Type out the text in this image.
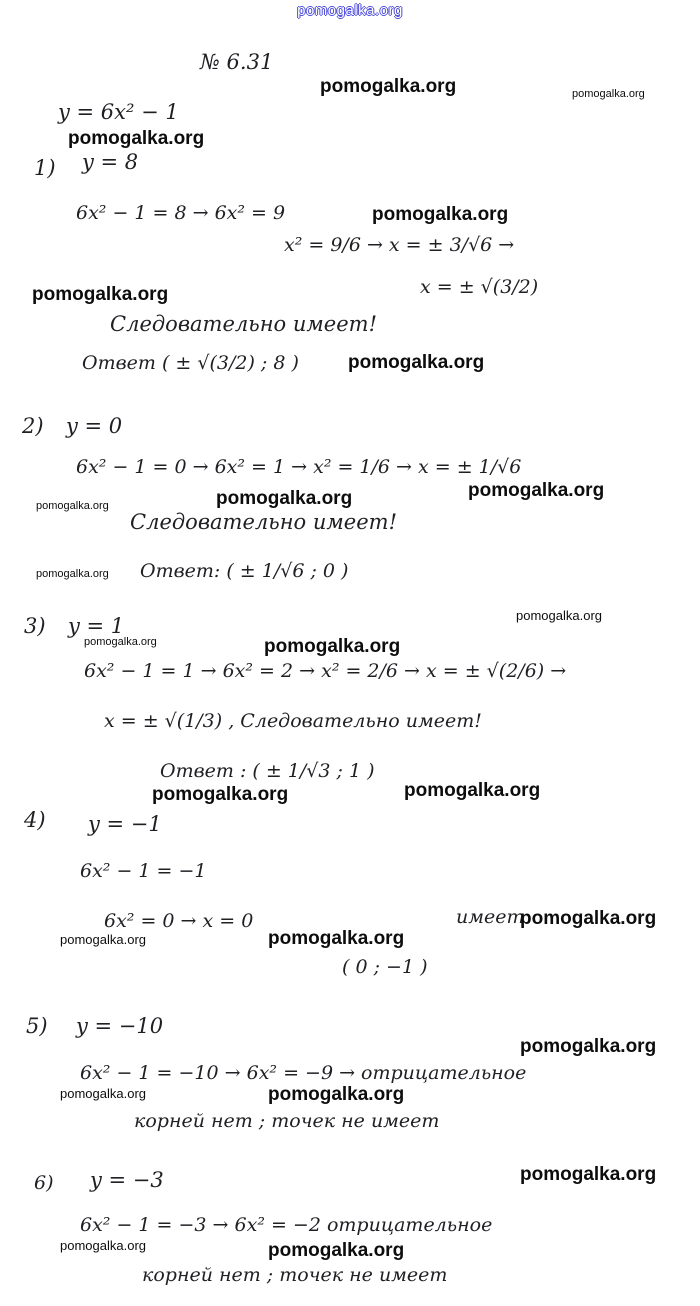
pomogalka.org
№ 6.31
y = 6x² − 1
1) y = 8
6x² − 1 = 8 → 6x² = 9
x² = 9/6 → x = ± 3/√6 →
x = ± √(3/2)
Следовательно имеет!
Ответ ( ± √(3/2) ; 8 )
2) y = 0
6x² − 1 = 0 → 6x² = 1 → x² = 1/6 → x = ± 1/√6
Следовательно имеет!
Ответ: ( ± 1/√6 ; 0 )
3) y = 1
6x² − 1 = 1 → 6x² = 2 → x² = 2/6 → x = ± √(2/6) →
x = ± √(1/3) , Следовательно имеет!
Ответ : ( ± 1/√3 ; 1 )
4) y = −1
6x² − 1 = −1
6x² = 0 → x = 0	имеет
( 0 ; −1 )
5) y = −10
6x² − 1 = −10 → 6x² = −9 → отрицательное
корней нет ; точек не имеет
6) y = −3
6x² − 1 = −3 → 6x² = −2 отрицательное
корней нет ; точек не имеет
pomogalka.org	pomogalka.org
pomogalka.org
pomogalka.org
pomogalka.org
pomogalka.org
pomogalka.org
pomogalka.org
pomogalka.org
pomogalka.org
pomogalka.org
pomogalka.org	pomogalka.org
pomogalka.org
pomogalka.org
pomogalka.org
pomogalka.org	pomogalka.org
pomogalka.org
pomogalka.org	pomogalka.org
pomogalka.org
pomogalka.org	pomogalka.org
